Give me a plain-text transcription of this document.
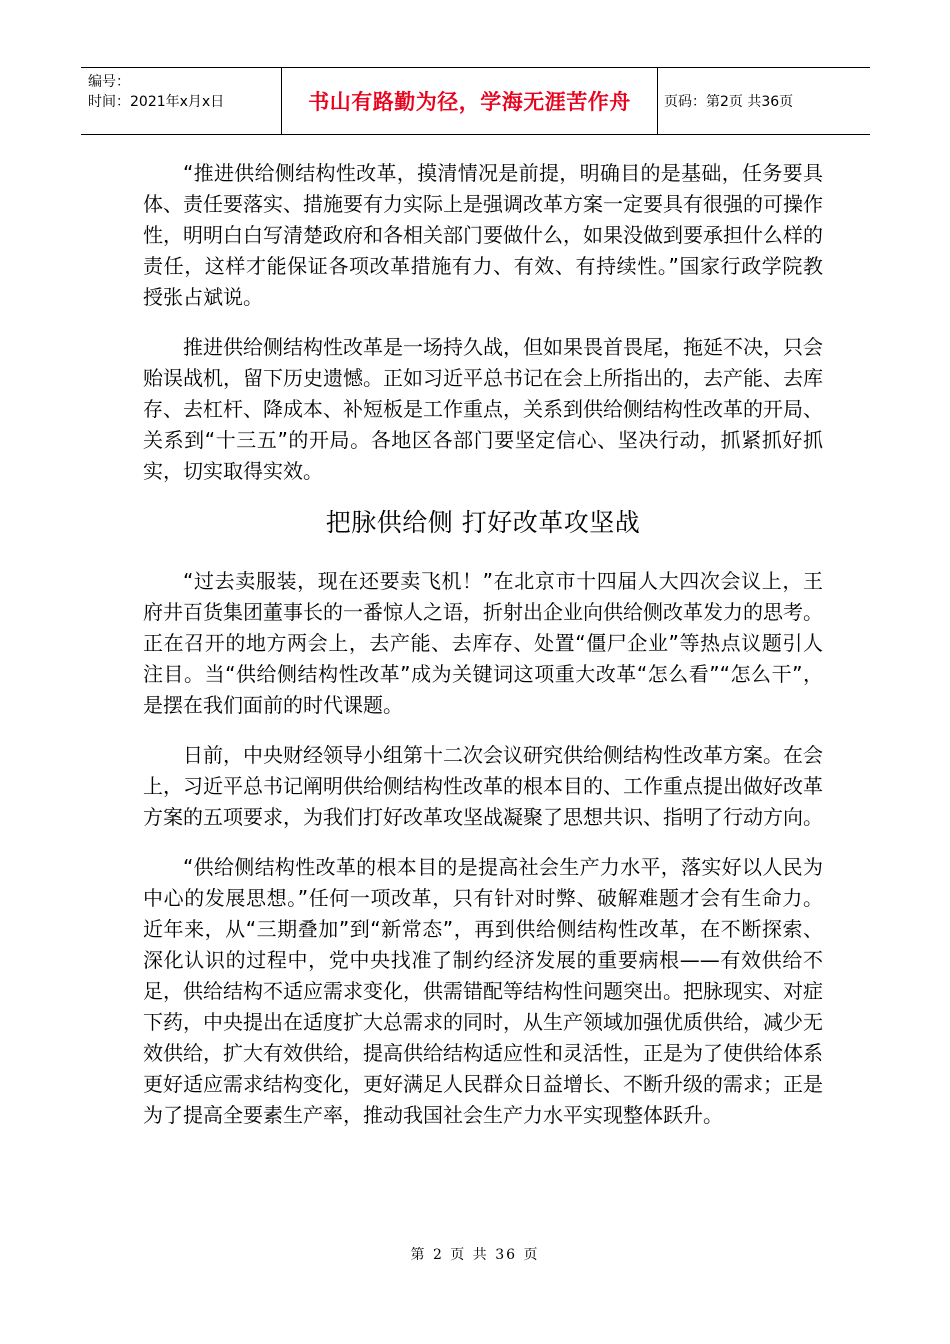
编号：
时间：2021年x月x日	书山有路勤为径，学海无涯苦作舟	页码：第2页 共36页

“推进供给侧结构性改革，摸清情况是前提，明确目的是基础，任务要具体、责任要落实、措施要有力实际上是强调改革方案一定要具有很强的可操作性，明明白白写清楚政府和各相关部门要做什么，如果没做到要承担什么样的责任，这样才能保证各项改革措施有力、有效、有持续性。”国家行政学院教授张占斌说。

推进供给侧结构性改革是一场持久战，但如果畏首畏尾，拖延不决，只会贻误战机，留下历史遗憾。正如习近平总书记在会上所指出的，去产能、去库存、去杠杆、降成本、补短板是工作重点，关系到供给侧结构性改革的开局、关系到“十三五”的开局。各地区各部门要坚定信心、坚决行动，抓紧抓好抓实，切实取得实效。

把脉供给侧 打好改革攻坚战

“过去卖服装，现在还要卖飞机！”在北京市十四届人大四次会议上，王府井百货集团董事长的一番惊人之语，折射出企业向供给侧改革发力的思考。正在召开的地方两会上，去产能、去库存、处置“僵尸企业”等热点议题引人注目。当“供给侧结构性改革”成为关键词这项重大改革“怎么看”“怎么干”，是摆在我们面前的时代课题。

日前，中央财经领导小组第十二次会议研究供给侧结构性改革方案。在会上，习近平总书记阐明供给侧结构性改革的根本目的、工作重点提出做好改革方案的五项要求，为我们打好改革攻坚战凝聚了思想共识、指明了行动方向。

“供给侧结构性改革的根本目的是提高社会生产力水平，落实好以人民为中心的发展思想。”任何一项改革，只有针对时弊、破解难题才会有生命力。近年来，从“三期叠加”到“新常态”，再到供给侧结构性改革，在不断探索、深化认识的过程中，党中央找准了制约经济发展的重要病根——有效供给不足，供给结构不适应需求变化，供需错配等结构性问题突出。把脉现实、对症下药，中央提出在适度扩大总需求的同时，从生产领域加强优质供给，减少无效供给，扩大有效供给，提高供给结构适应性和灵活性，正是为了使供给体系更好适应需求结构变化，更好满足人民群众日益增长、不断升级的需求；正是为了提高全要素生产率，推动我国社会生产力水平实现整体跃升。

第 2 页 共 36 页
